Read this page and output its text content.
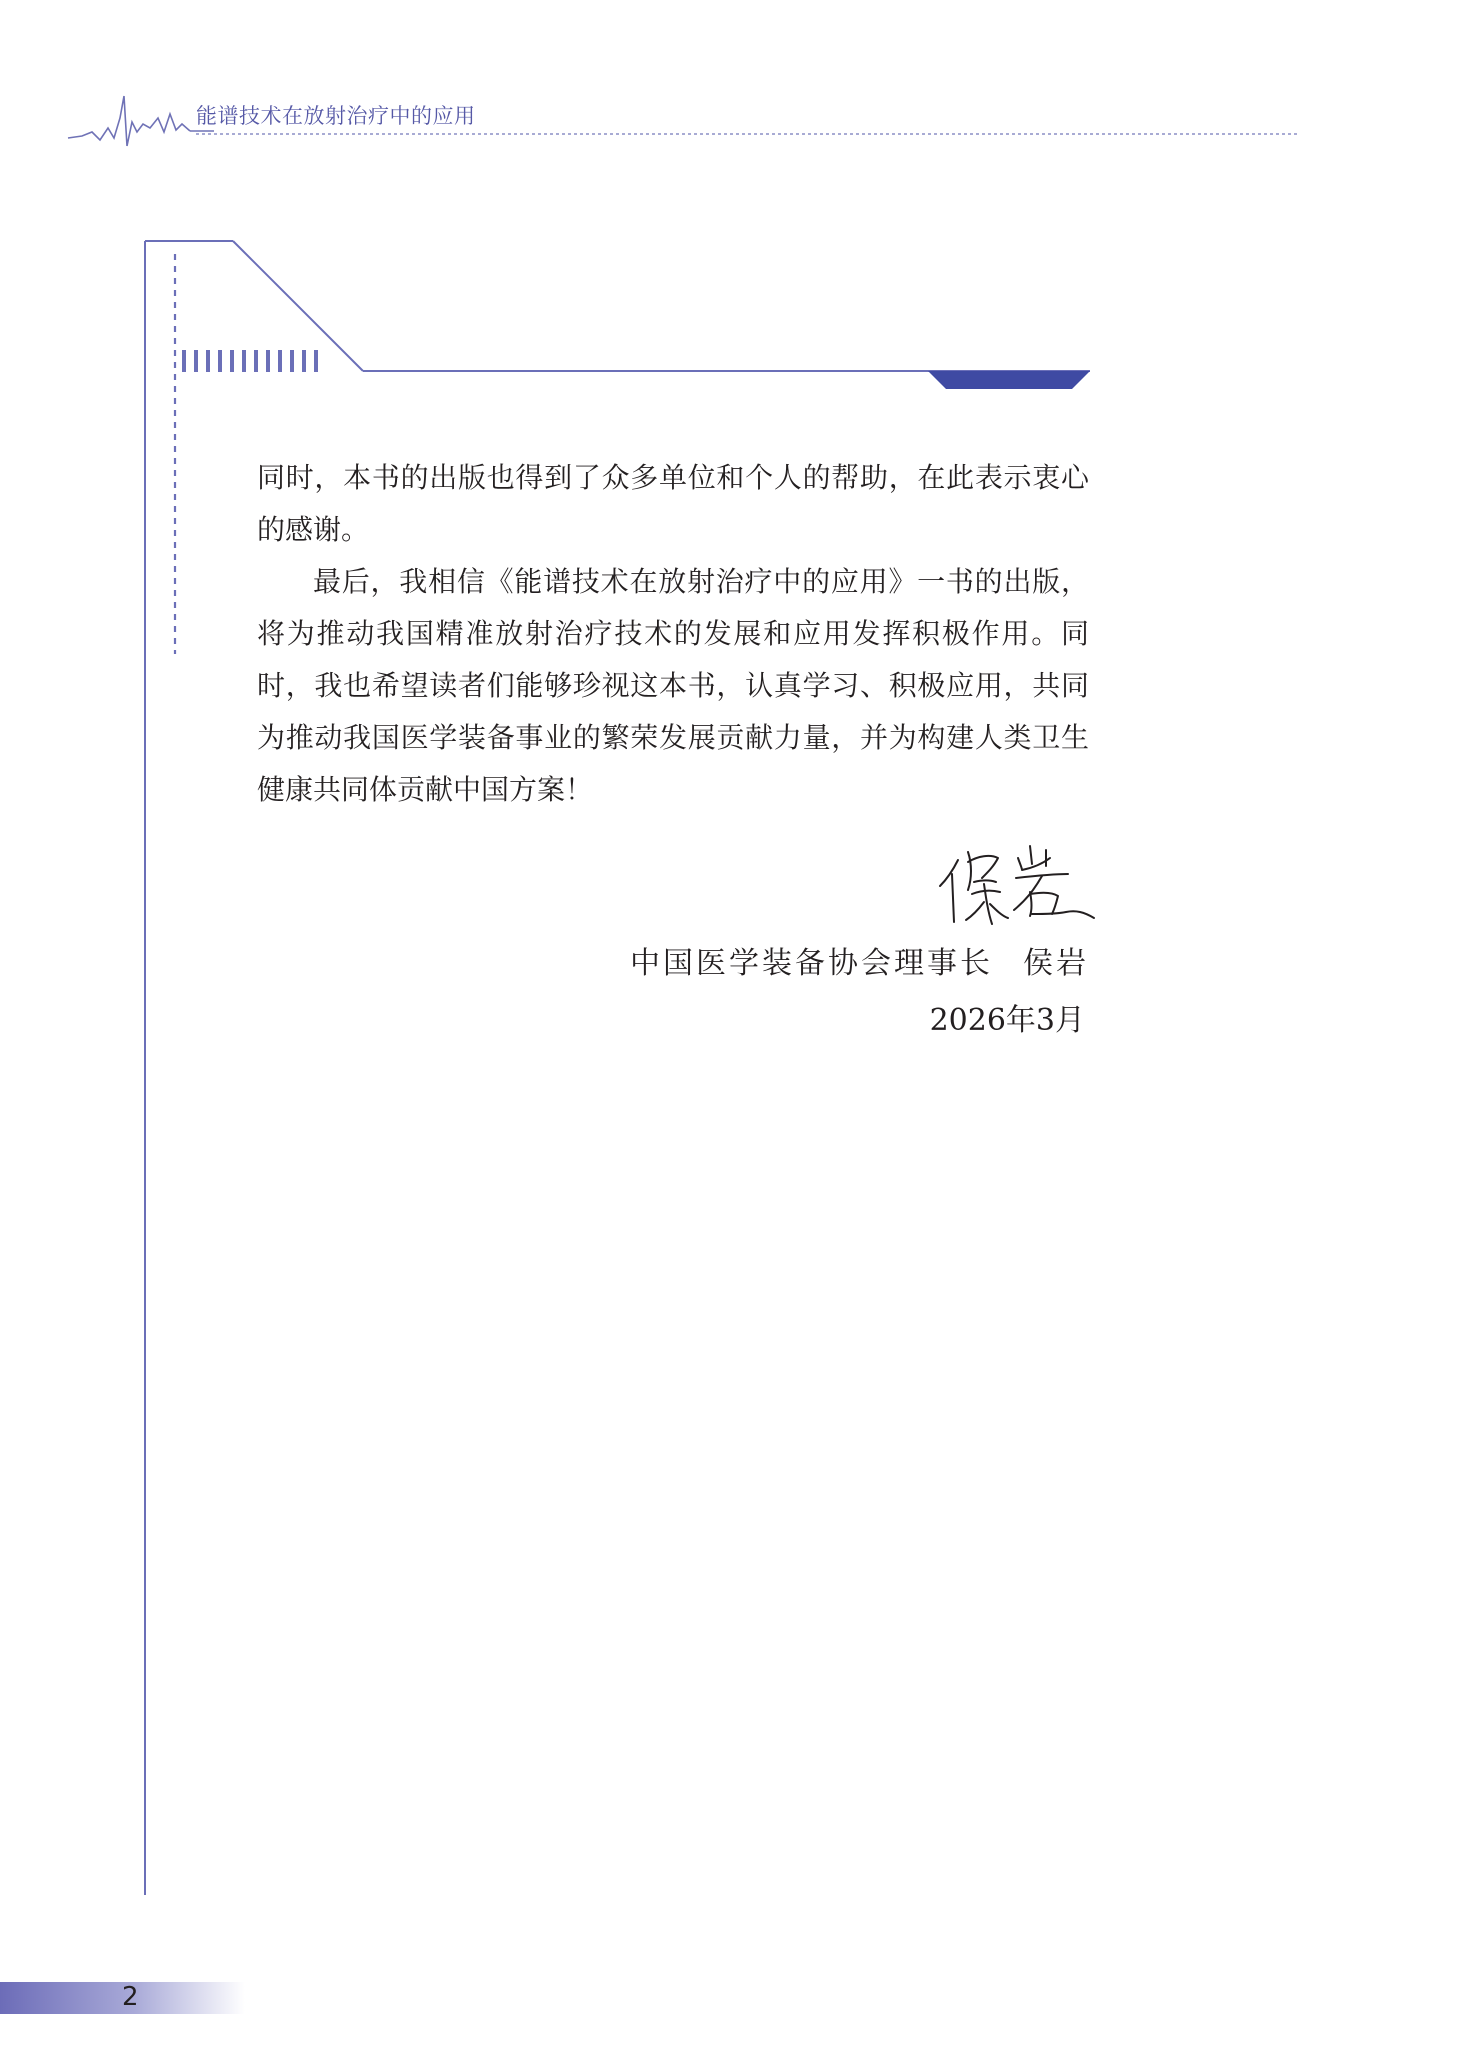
能谱技术在放射治疗中的应用

同时，本书的出版也得到了众多单位和个人的帮助，在此表示衷心的感谢。

最后，我相信《能谱技术在放射治疗中的应用》一书的出版，将为推动我国精准放射治疗技术的发展和应用发挥积极作用。同时，我也希望读者们能够珍视这本书，认真学习、积极应用，共同为推动我国医学装备事业的繁荣发展贡献力量，并为构建人类卫生健康共同体贡献中国方案！

中国医学装备协会理事长 侯岩
2026年3月
2
